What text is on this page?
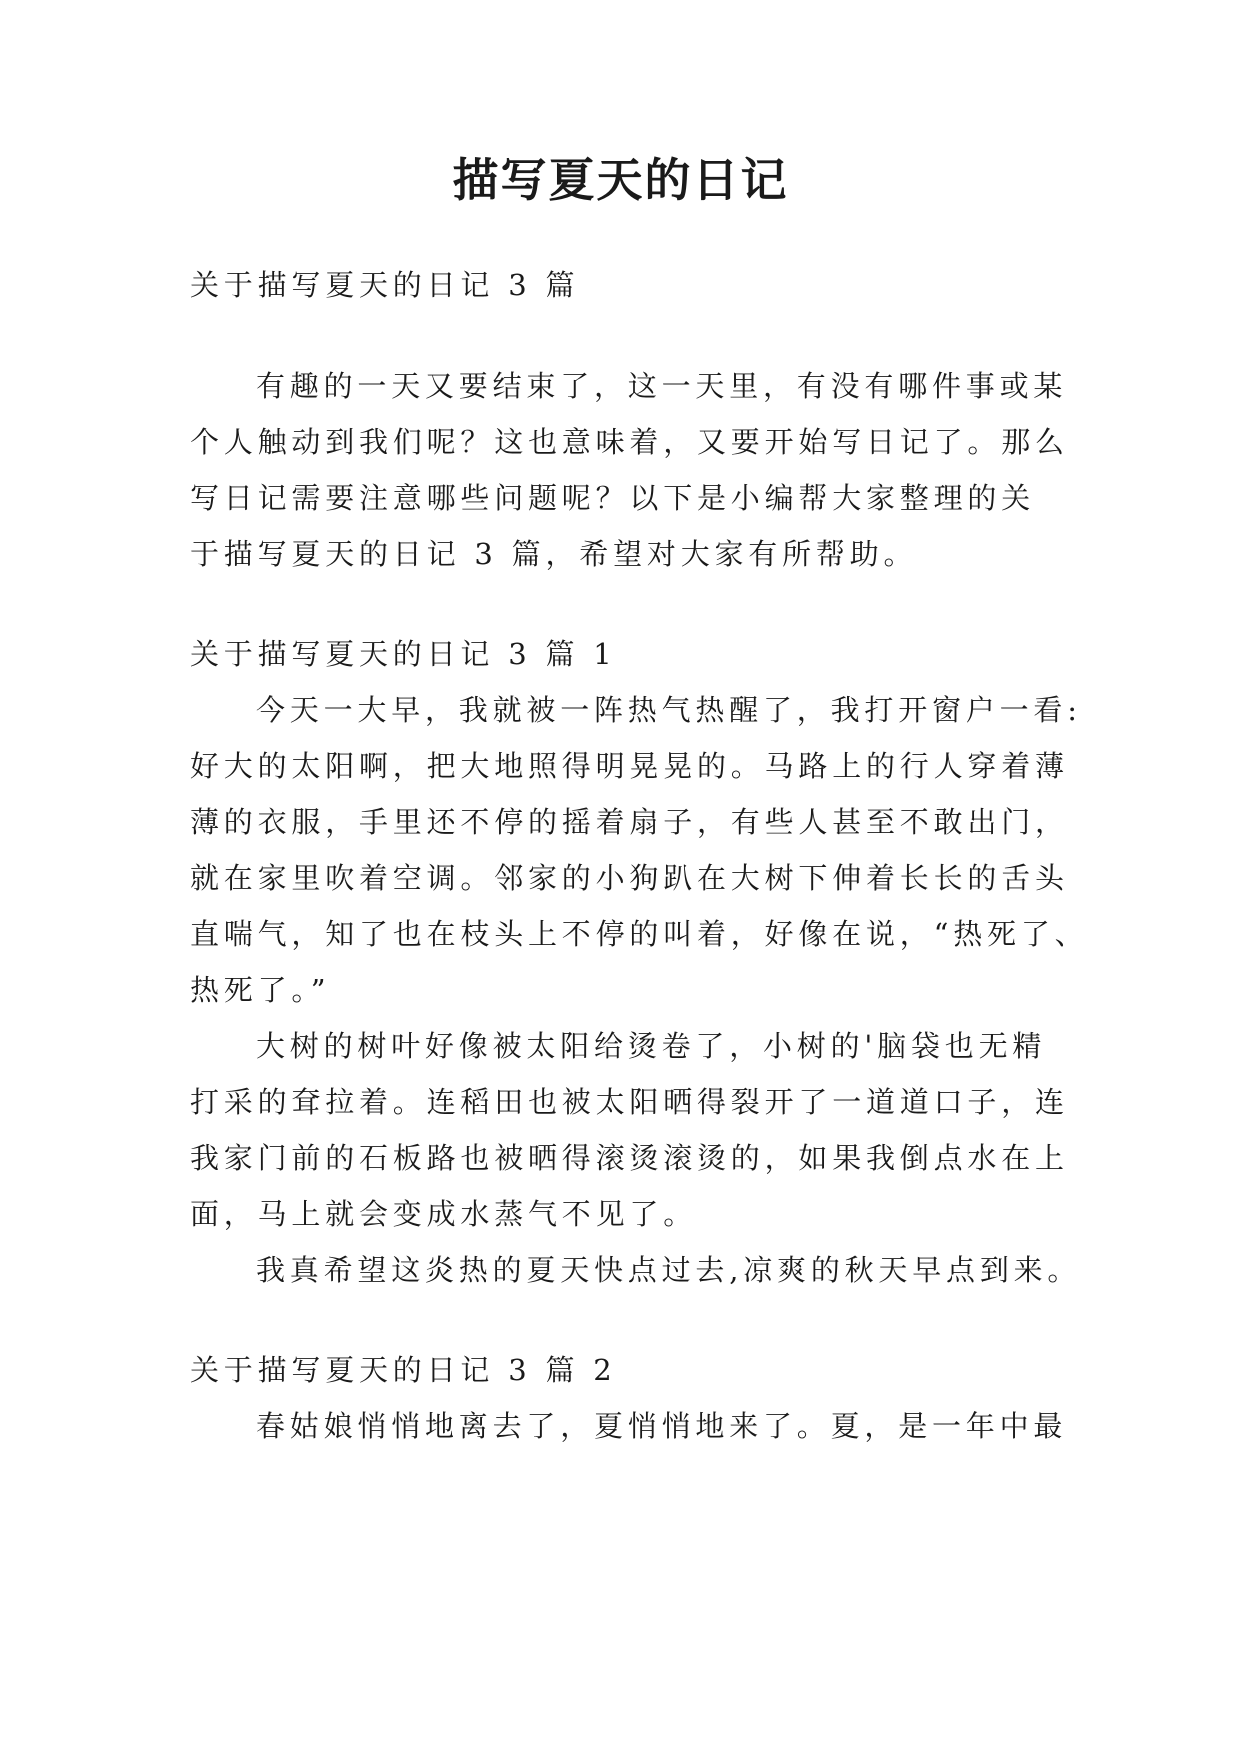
描写夏天的日记

关于描写夏天的日记 3 篇

有趣的一天又要结束了，这一天里，有没有哪件事或某

个人触动到我们呢？这也意味着，又要开始写日记了。那么

写日记需要注意哪些问题呢？以下是小编帮大家整理的关

于描写夏天的日记 3 篇，希望对大家有所帮助。

关于描写夏天的日记 3 篇 1

今天一大早，我就被一阵热气热醒了，我打开窗户一看:

好大的太阳啊，把大地照得明晃晃的。马路上的行人穿着薄

薄的衣服，手里还不停的摇着扇子，有些人甚至不敢出门，

就在家里吹着空调。邻家的小狗趴在大树下伸着长长的舌头

直喘气，知了也在枝头上不停的叫着，好像在说，“热死了、

热死了。”

大树的树叶好像被太阳给烫卷了，小树的'脑袋也无精

打采的耷拉着。连稻田也被太阳晒得裂开了一道道口子，连

我家门前的石板路也被晒得滚烫滚烫的，如果我倒点水在上

面，马上就会变成水蒸气不见了。

我真希望这炎热的夏天快点过去,凉爽的秋天早点到来。

关于描写夏天的日记 3 篇 2

春姑娘悄悄地离去了，夏悄悄地来了。夏，是一年中最
